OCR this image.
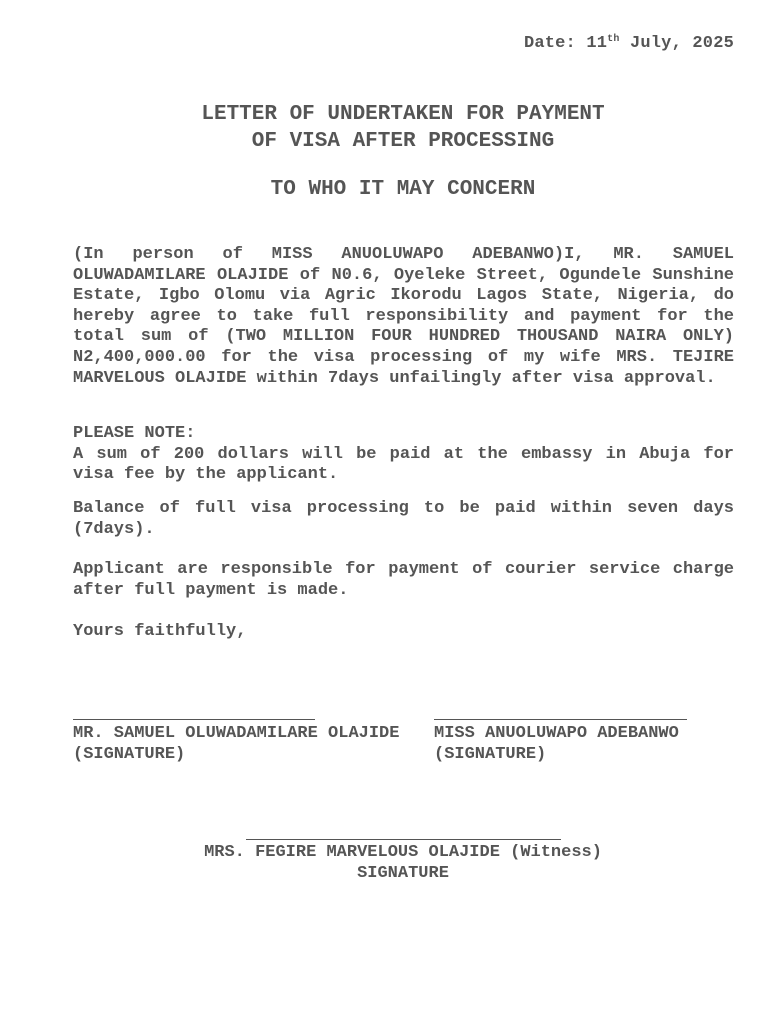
Date: 11th July, 2025
LETTER OF UNDERTAKEN FOR PAYMENT
OF VISA AFTER PROCESSING
TO WHO IT MAY CONCERN

(In person of MISS ANUOLUWAPO ADEBANWO)I, MR. SAMUEL OLUWADAMILARE OLAJIDE of N0.6, Oyeleke Street, Ogundele Sunshine Estate, Igbo Olomu via Agric Ikorodu Lagos State, Nigeria, do hereby agree to take full responsibility and payment for the total sum of (TWO MILLION FOUR HUNDRED THOUSAND NAIRA ONLY) N2,400,000.00 for the visa processing of my wife MRS. TEJIRE MARVELOUS OLAJIDE within 7days unfailingly after visa approval.

PLEASE NOTE:

A sum of 200 dollars will be paid at the embassy in Abuja for visa fee by the applicant.

Balance of full visa processing to be paid within seven days (7days).

Applicant are responsible for payment of courier service charge after full payment is made.

Yours faithfully,

MR. SAMUEL OLUWADAMILARE OLAJIDE
(SIGNATURE)
MISS ANUOLUWAPO ADEBANWO
(SIGNATURE)
MRS. FEGIRE MARVELOUS OLAJIDE (Witness)
SIGNATURE
